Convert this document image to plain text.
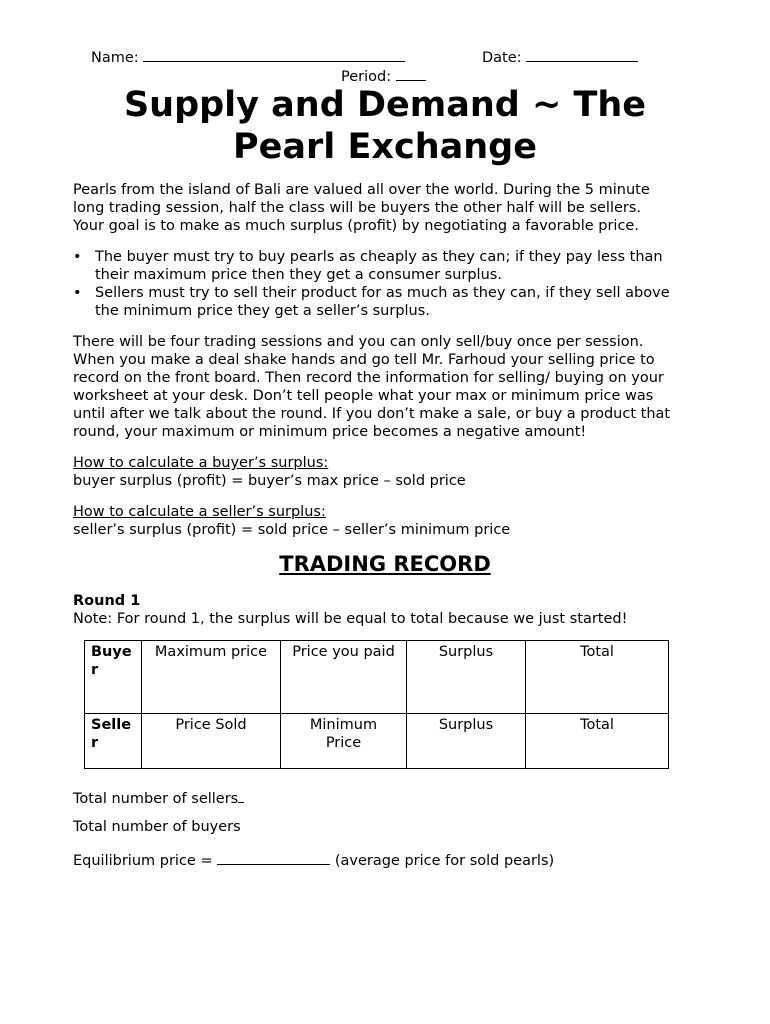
Name:	Date:
Period:
Supply and Demand ~ The
Pearl Exchange
Pearls from the island of Bali are valued all over the world. During the 5 minute
long trading session, half the class will be buyers the other half will be sellers.
Your goal is to make as much surplus (profit) by negotiating a favorable price.
• The buyer must try to buy pearls as cheaply as they can; if they pay less than
their maximum price then they get a consumer surplus.
• Sellers must try to sell their product for as much as they can, if they sell above
the minimum price they get a seller’s surplus.
There will be four trading sessions and you can only sell/buy once per session.
When you make a deal shake hands and go tell Mr. Farhoud your selling price to
record on the front board. Then record the information for selling/ buying on your
worksheet at your desk. Don’t tell people what your max or minimum price was
until after we talk about the round. If you don’t make a sale, or buy a product that
round, your maximum or minimum price becomes a negative amount!
How to calculate a buyer’s surplus:
buyer surplus (profit) = buyer’s max price – sold price
How to calculate a seller’s surplus:
seller’s surplus (profit) = sold price – seller’s minimum price
TRADING RECORD
Round 1
Note: For round 1, the surplus will be equal to total because we just started!
Buye
r	Maximum price	Price you paid	Surplus	Total

Selle
r	Price Sold	Minimum
Price	Surplus	Total
Total number of sellers
Total number of buyers
Equilibrium price =	(average price for sold pearls)
